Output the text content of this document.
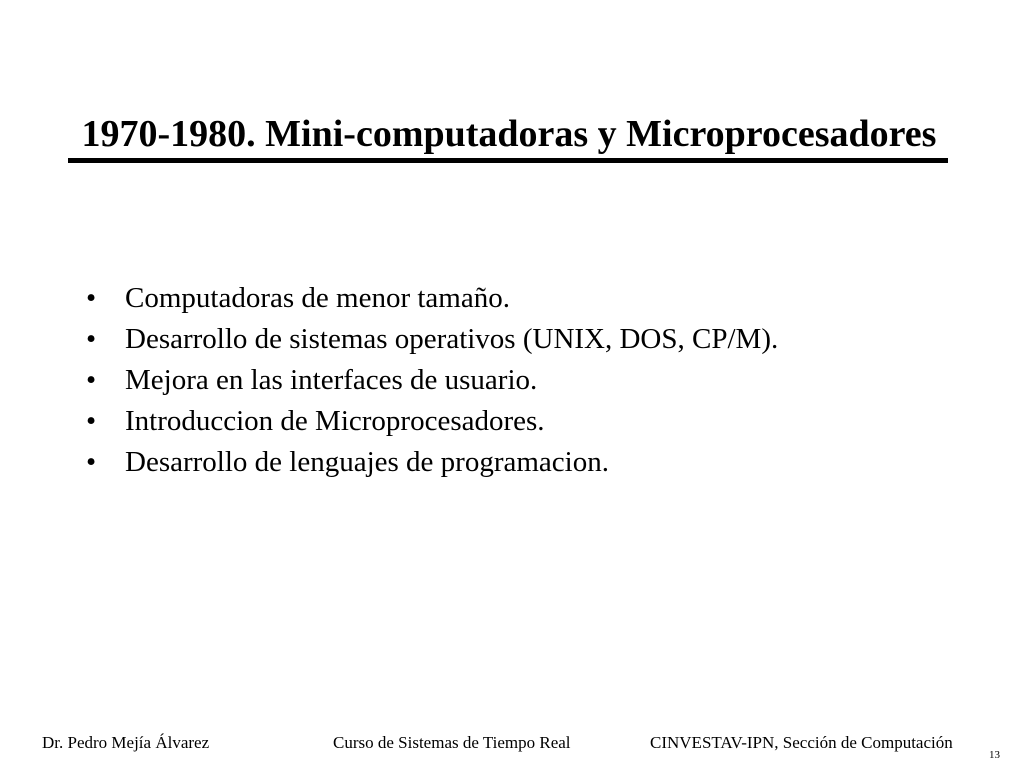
1970-1980. Mini-computadoras y Microprocesadores
• Computadoras de menor tamaño.
• Desarrollo de sistemas operativos (UNIX, DOS, CP/M).
• Mejora en las interfaces de usuario.
• Introduccion de Microprocesadores.
• Desarrollo de lenguajes de programacion.
Dr. Pedro Mejía Álvarez	Curso de Sistemas de Tiempo Real	CINVESTAV-IPN, Sección de Computación
13
